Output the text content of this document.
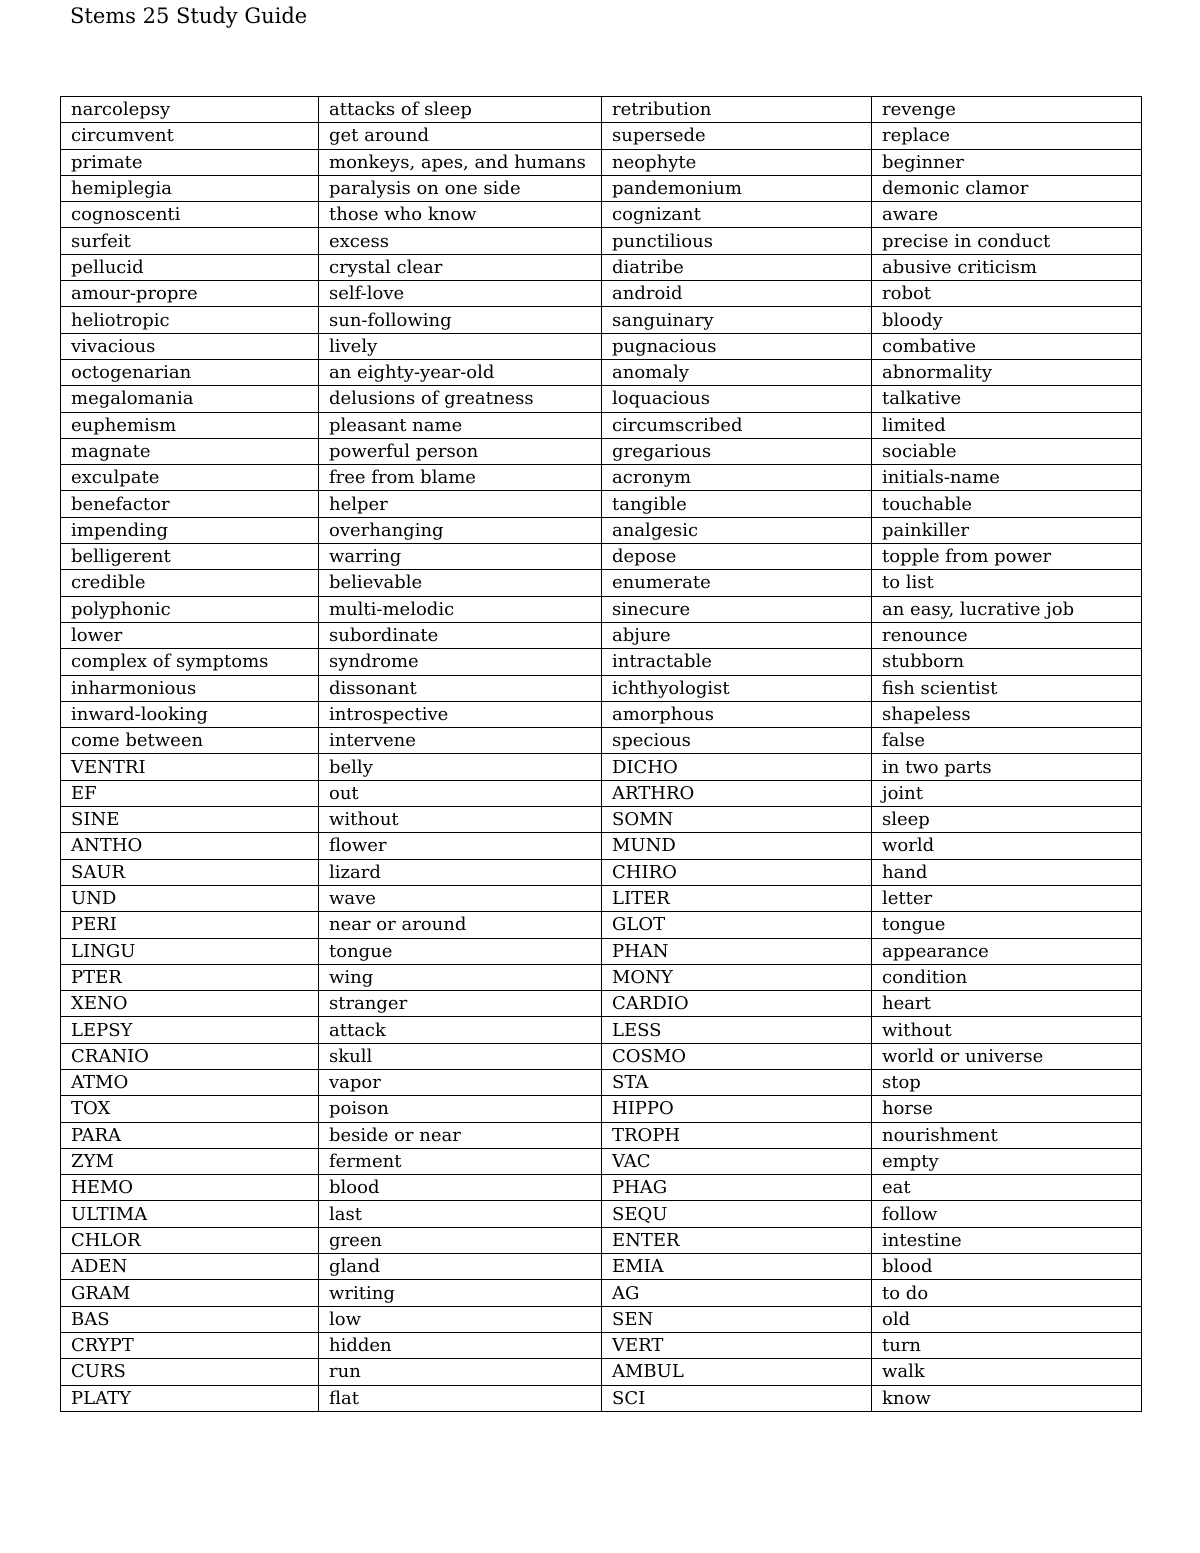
Stems 25 Study Guide
narcolepsy	attacks of sleep	retribution	revenge
circumvent	get around	supersede	replace
primate	monkeys, apes, and humans	neophyte	beginner
hemiplegia	paralysis on one side	pandemonium	demonic clamor
cognoscenti	those who know	cognizant	aware
surfeit	excess	punctilious	precise in conduct
pellucid	crystal clear	diatribe	abusive criticism
amour-propre	self-love	android	robot
heliotropic	sun-following	sanguinary	bloody
vivacious	lively	pugnacious	combative
octogenarian	an eighty-year-old	anomaly	abnormality
megalomania	delusions of greatness	loquacious	talkative
euphemism	pleasant name	circumscribed	limited
magnate	powerful person	gregarious	sociable
exculpate	free from blame	acronym	initials-name
benefactor	helper	tangible	touchable
impending	overhanging	analgesic	painkiller
belligerent	warring	depose	topple from power
credible	believable	enumerate	to list
polyphonic	multi-melodic	sinecure	an easy, lucrative job
lower	subordinate	abjure	renounce
complex of symptoms	syndrome	intractable	stubborn
inharmonious	dissonant	ichthyologist	fish scientist
inward-looking	introspective	amorphous	shapeless
come between	intervene	specious	false
VENTRI	belly	DICHO	in two parts
EF	out	ARTHRO	joint
SINE	without	SOMN	sleep
ANTHO	flower	MUND	world
SAUR	lizard	CHIRO	hand
UND	wave	LITER	letter
PERI	near or around	GLOT	tongue
LINGU	tongue	PHAN	appearance
PTER	wing	MONY	condition
XENO	stranger	CARDIO	heart
LEPSY	attack	LESS	without
CRANIO	skull	COSMO	world or universe
ATMO	vapor	STA	stop
TOX	poison	HIPPO	horse
PARA	beside or near	TROPH	nourishment
ZYM	ferment	VAC	empty
HEMO	blood	PHAG	eat
ULTIMA	last	SEQU	follow
CHLOR	green	ENTER	intestine
ADEN	gland	EMIA	blood
GRAM	writing	AG	to do
BAS	low	SEN	old
CRYPT	hidden	VERT	turn
CURS	run	AMBUL	walk
PLATY	flat	SCI	know
